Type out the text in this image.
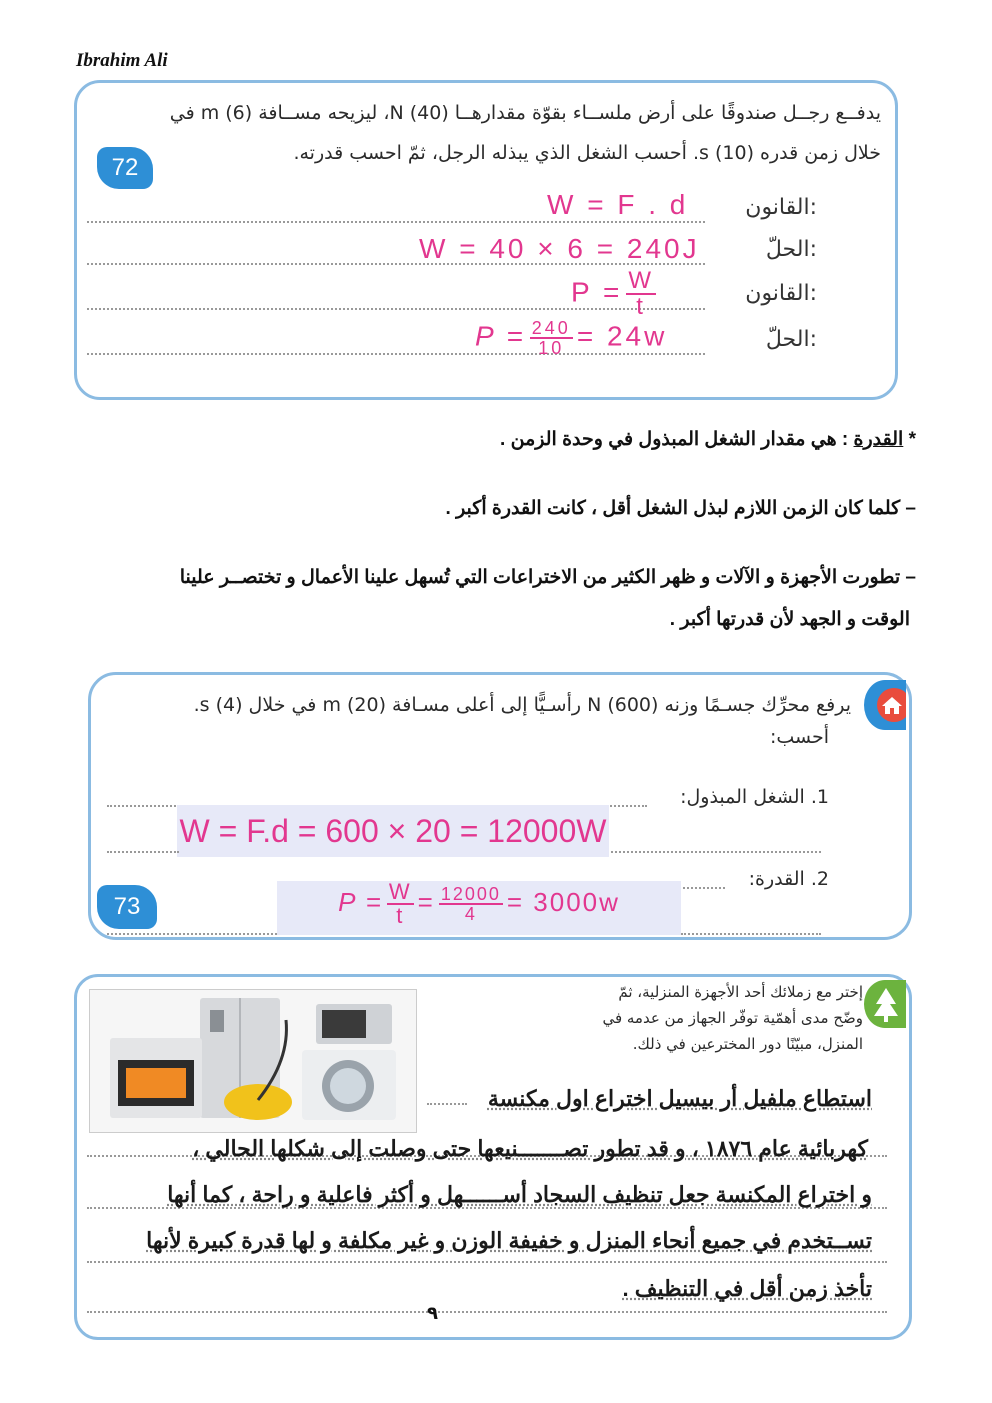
Ibrahim Ali
يدفــع رجــل صندوقًا على أرض ملســاء بقوّة مقدارهــا (40) N، ليزيحه مســافة (6) m في
خلال زمن قدره (10) s. أحسب الشغل الذي يبذله الرجل، ثمّ احسب قدرته.
72
القانون:
W = F . d
الحلّ:
W = 40 × 6 = 240J
القانون:
$P = \frac{W}{t}$
الحلّ:
$P = \frac{240}{10} = 24w$
* القدرة : هي مقدار الشغل المبذول في وحدة الزمن .
– كلما كان الزمن اللازم لبذل الشغل أقل ، كانت القدرة أكبر .
– تطورت الأجهزة و الآلات و ظهر الكثير من الاختراعات التي تُسهل علينا الأعمال و تختصــر علينا
الوقت و الجهد لأن قدرتها أكبر .
يرفع محرِّك جسـمًا وزنه (600) N رأسـيًّا إلى أعلى مسـافة (20) m في خلال (4) s.
أحسب:
1. الشغل المبذول:
W = F.d = 600 × 20 = 12000W
2. القدرة:
$P = \frac{W}{t} = \frac{12000}{4} = 3000w$
73
إختر مع زملائك أحد الأجهزة المنزلية، ثمّ
وضّح مدى أهمّية توفّر الجهاز من عدمه في
المنزل، مبيّنًا دور المخترعين في ذلك.
استطاع ملفيل أر بيسيل اختراع اول مكنسة
كهربائية عام ١٨٧٦ ، و قد تطور تصـــــــنيعها حتى وصلت إلى شكلها الحالي ،
و اختراع المكنسة جعل تنظيف السجاد أســــــهل و أكثر فاعلية و راحة ، كما أنها
تســتخدم في جميع أنحاء المنزل و خفيفة الوزن و غير مكلفة و لها قدرة كبيرة لأنها
تأخذ زمن أقل في التنظيف .
٩
